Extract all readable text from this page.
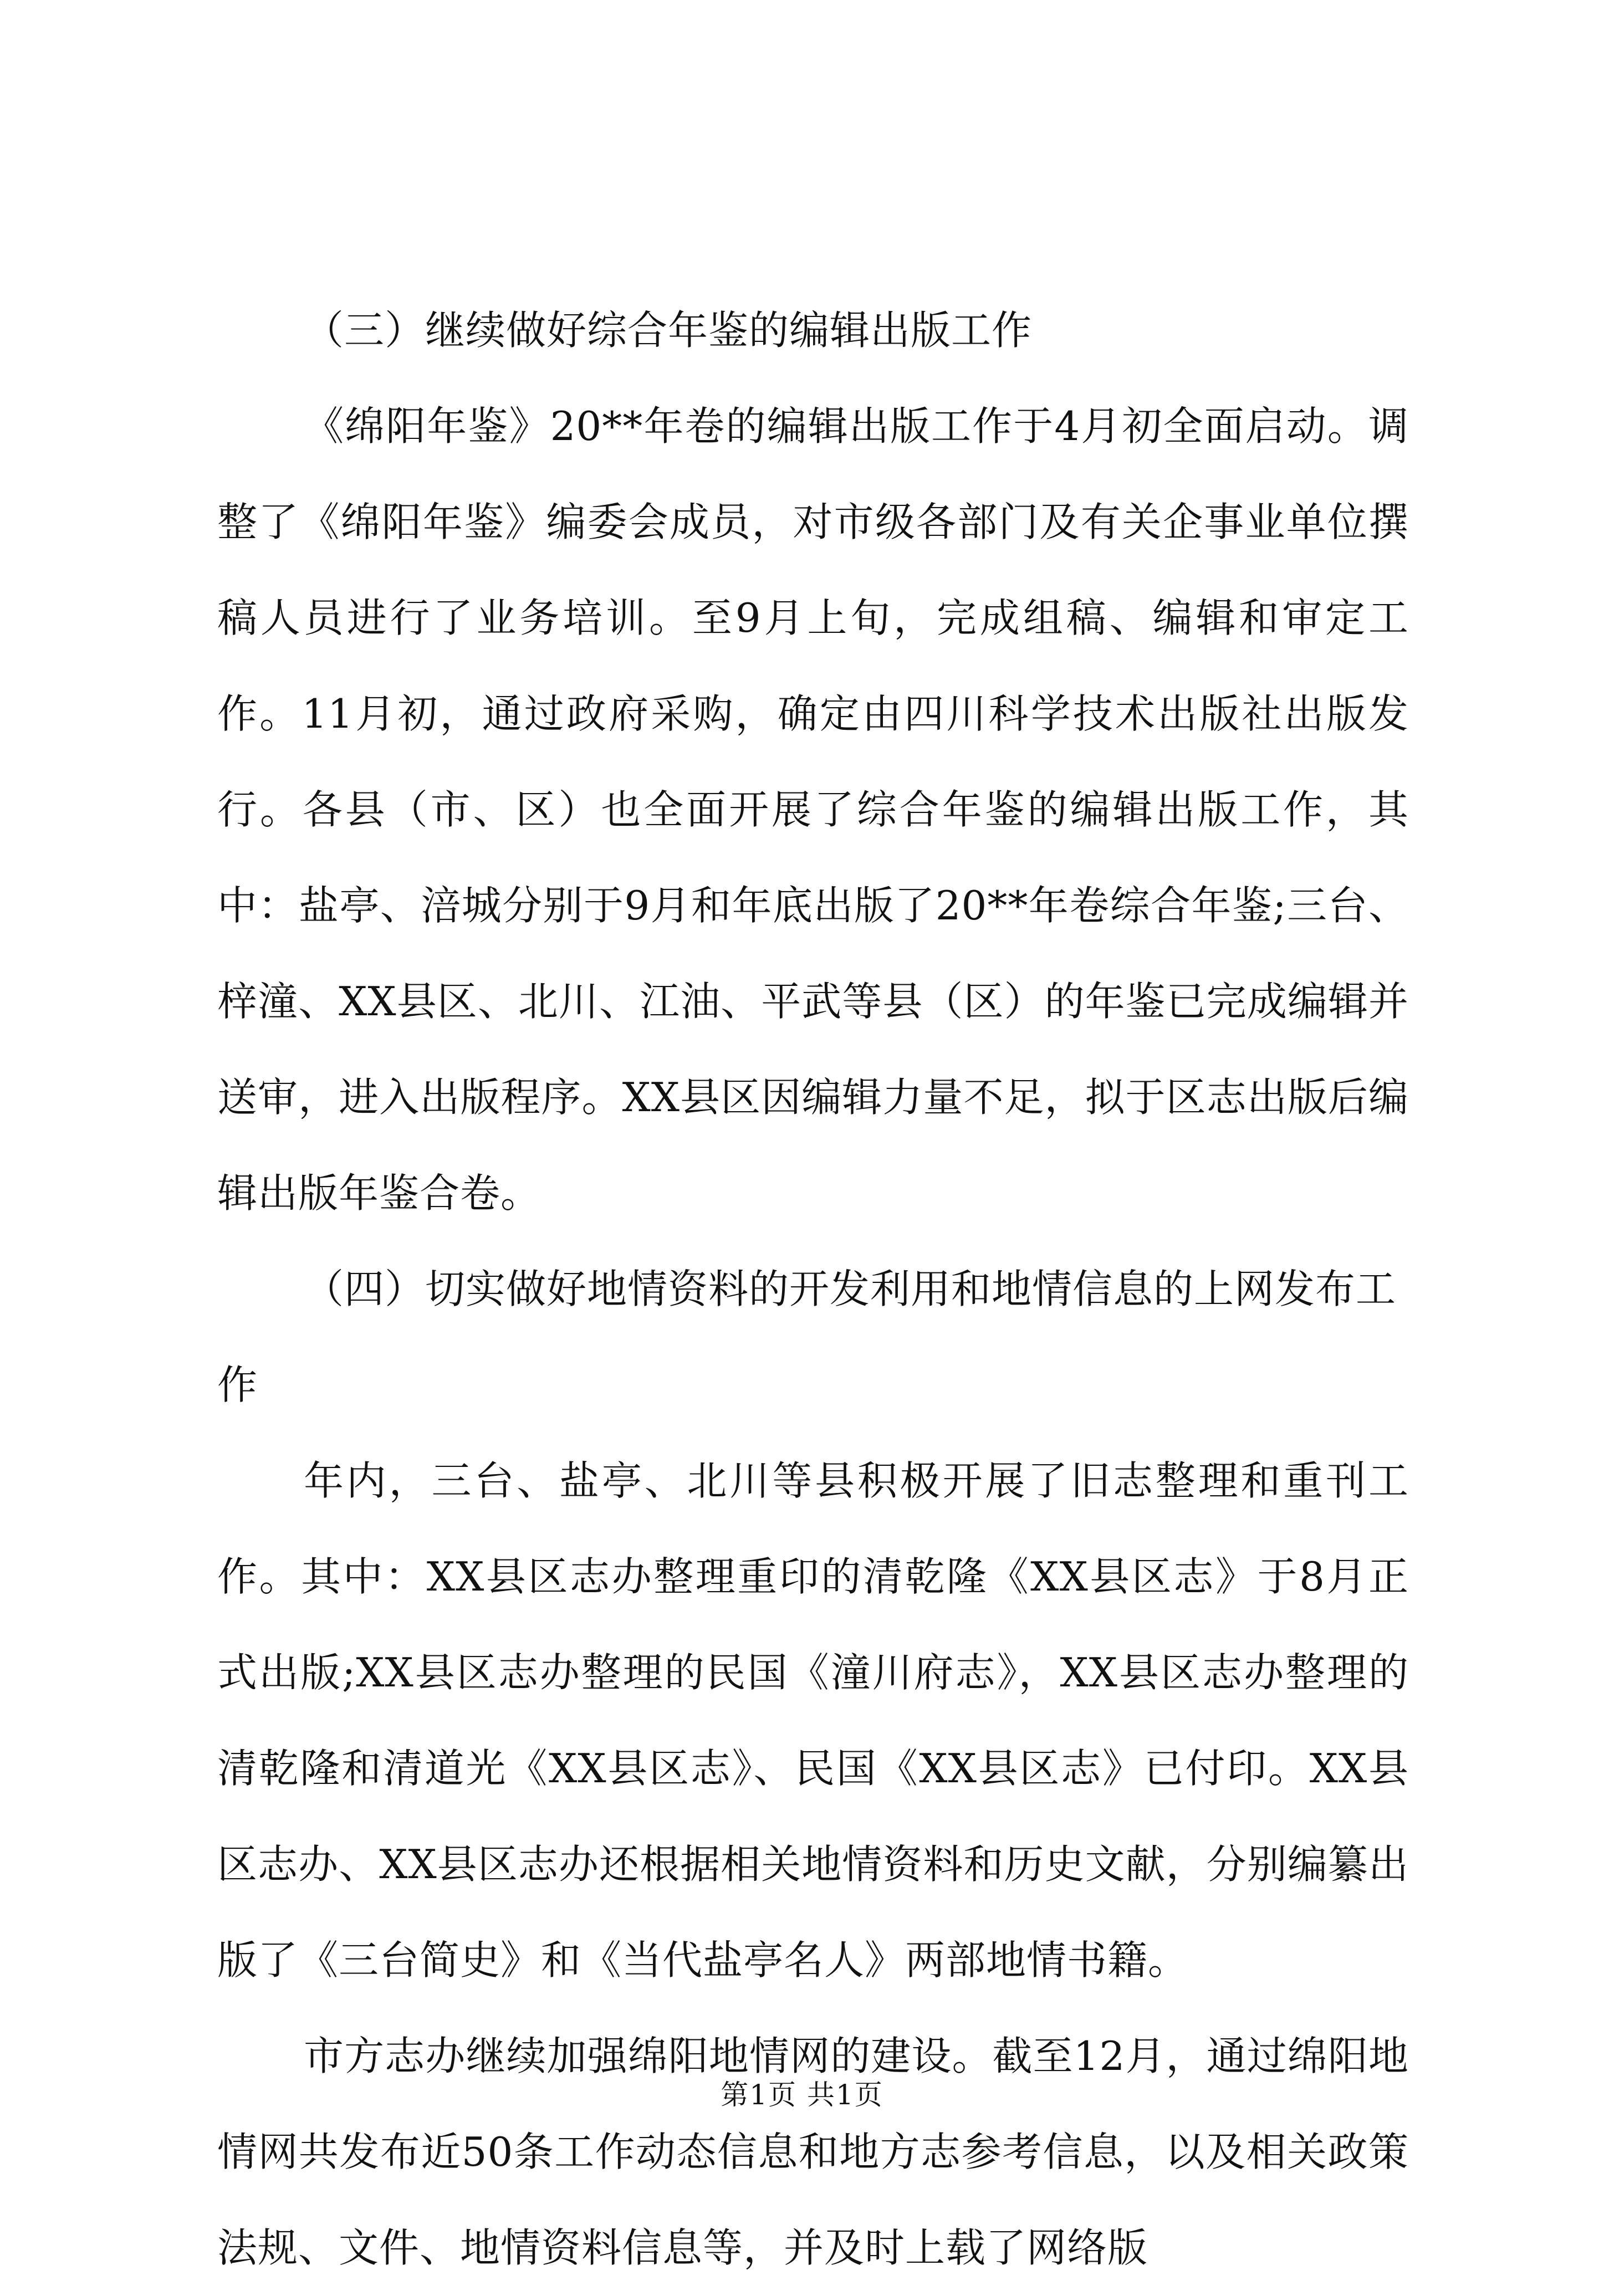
（三）继续做好综合年鉴的编辑出版工作

《绵阳年鉴》20**年卷的编辑出版工作于4月初全面启动。调整了《绵阳年鉴》编委会成员，对市级各部门及有关企事业单位撰稿人员进行了业务培训。至9月上旬，完成组稿、编辑和审定工作。11月初，通过政府采购，确定由四川科学技术出版社出版发行。各县（市、区）也全面开展了综合年鉴的编辑出版工作，其中：盐亭、涪城分别于9月和年底出版了20**年卷综合年鉴;三台、梓潼、XX县区、北川、江油、平武等县（区）的年鉴已完成编辑并送审，进入出版程序。XX县区因编辑力量不足，拟于区志出版后编辑出版年鉴合卷。

（四）切实做好地情资料的开发利用和地情信息的上网发布工作

年内，三台、盐亭、北川等县积极开展了旧志整理和重刊工作。其中：XX县区志办整理重印的清乾隆《XX县区志》于8月正式出版;XX县区志办整理的民国《潼川府志》，XX县区志办整理的清乾隆和清道光《XX县区志》、民国《XX县区志》已付印。XX县区志办、XX县区志办还根据相关地情资料和历史文献，分别编纂出版了《三台简史》和《当代盐亭名人》两部地情书籍。

市方志办继续加强绵阳地情网的建设。截至12月，通过绵阳地情网共发布近50条工作动态信息和地方志参考信息，以及相关政策法规、文件、地情资料信息等，并及时上载了网络版

第1页 共1页
